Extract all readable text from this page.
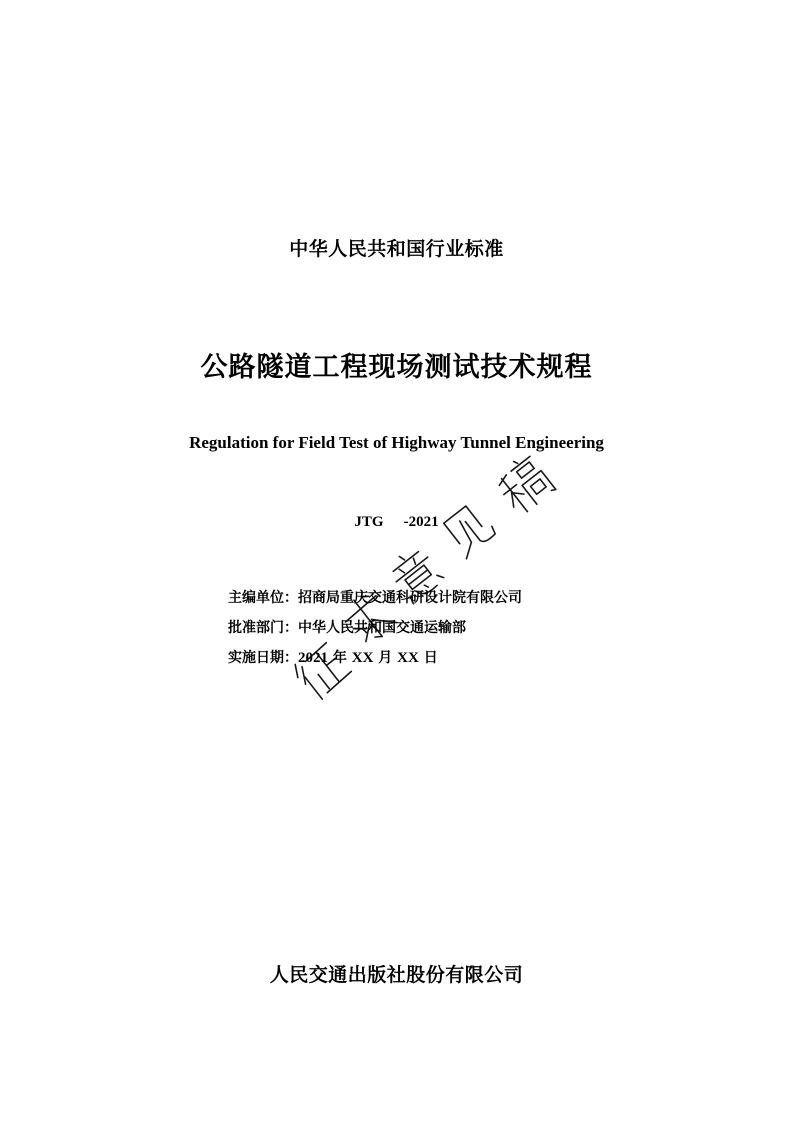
中华人民共和国行业标准
公路隧道工程现场测试技术规程
Regulation for Field Test of Highway Tunnel Engineering
JTG -2021
主编单位：招商局重庆交通科研设计院有限公司
批准部门：中华人民共和国交通运输部
实施日期：2021 年 XX 月 XX 日
人民交通出版社股份有限公司
